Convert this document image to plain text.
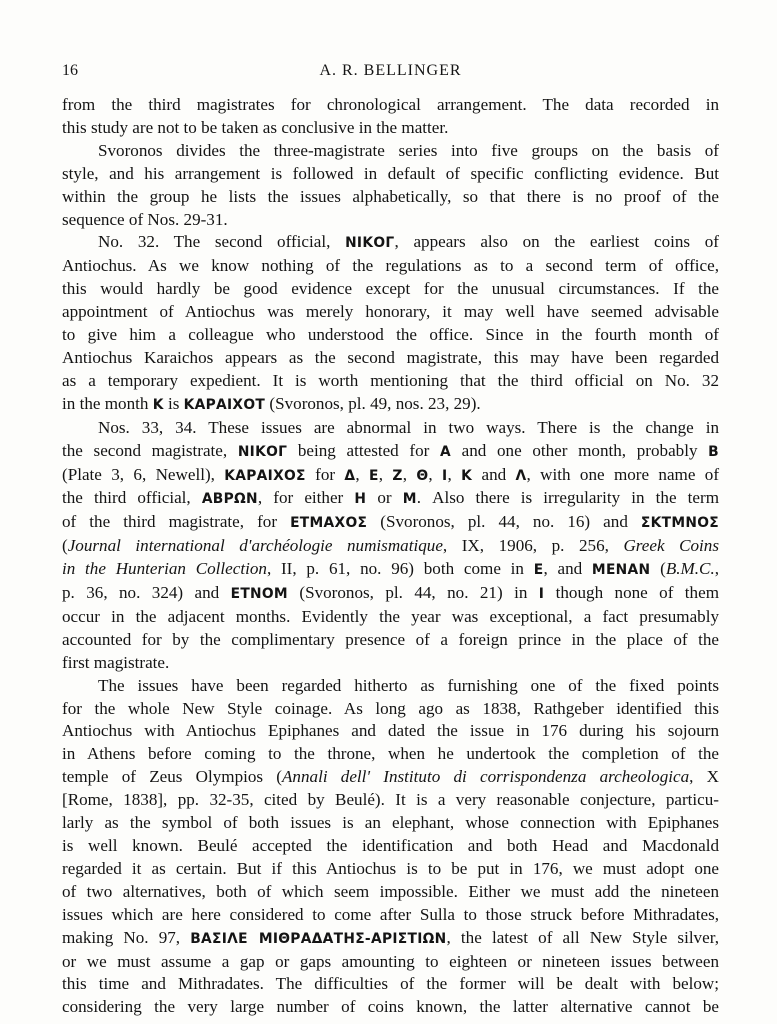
16	A. R. BELLINGER
from the third magistrates for chronological arrangement. The data recorded in
this study are not to be taken as conclusive in the matter.
Svoronos divides the three-magistrate series into five groups on the basis of
style, and his arrangement is followed in default of specific conflicting evidence. But
within the group he lists the issues alphabetically, so that there is no proof of the
sequence of Nos. 29-31.
No. 32. The second official, ΝΙΚΟΓ, appears also on the earliest coins of
Antiochus. As we know nothing of the regulations as to a second term of office,
this would hardly be good evidence except for the unusual circumstances. If the
appointment of Antiochus was merely honorary, it may well have seemed advisable
to give him a colleague who understood the office. Since in the fourth month of
Antiochus Karaichos appears as the second magistrate, this may have been regarded
as a temporary expedient. It is worth mentioning that the third official on No. 32
in the month Κ is ΚΑΡΑΙΧΟΤ (Svoronos, pl. 49, nos. 23, 29).
Nos. 33, 34. These issues are abnormal in two ways. There is the change in
the second magistrate, ΝΙΚΟΓ being attested for Α and one other month, probably Β
(Plate 3, 6, Newell), ΚΑΡΑΙΧΟΣ for Δ, Ε, Ζ, Θ, Ι, Κ and Λ, with one more name of
the third official, ΑΒΡΩΝ, for either Η or Μ. Also there is irregularity in the term
of the third magistrate, for ΕΤΜΑΧΟΣ (Svoronos, pl. 44, no. 16) and ΣΚΤΜΝΟΣ
(Journal international d'archéologie numismatique, IX, 1906, p. 256, Greek Coins
in the Hunterian Collection, II, p. 61, no. 96) both come in Ε, and ΜΕΝΑΝ (B.M.C.,
p. 36, no. 324) and ΕΤΝΟΜ (Svoronos, pl. 44, no. 21) in Ι though none of them
occur in the adjacent months. Evidently the year was exceptional, a fact presumably
accounted for by the complimentary presence of a foreign prince in the place of the
first magistrate.
The issues have been regarded hitherto as furnishing one of the fixed points
for the whole New Style coinage. As long ago as 1838, Rathgeber identified this
Antiochus with Antiochus Epiphanes and dated the issue in 176 during his sojourn
in Athens before coming to the throne, when he undertook the completion of the
temple of Zeus Olympios (Annali dell' Instituto di corrispondenza archeologica, X
[Rome, 1838], pp. 32-35, cited by Beulé). It is a very reasonable conjecture, particu-
larly as the symbol of both issues is an elephant, whose connection with Epiphanes
is well known. Beulé accepted the identification and both Head and Macdonald
regarded it as certain. But if this Antiochus is to be put in 176, we must adopt one
of two alternatives, both of which seem impossible. Either we must add the nineteen
issues which are here considered to come after Sulla to those struck before Mithradates,
making No. 97, ΒΑΣΙΛΕ ΜΙΘΡΑΔΑΤΗΣ-ΑΡΙΣΤΙΩΝ, the latest of all New Style silver,
or we must assume a gap or gaps amounting to eighteen or nineteen issues between
this time and Mithradates. The difficulties of the former will be dealt with below;
considering the very large number of coins known, the latter alternative cannot be
